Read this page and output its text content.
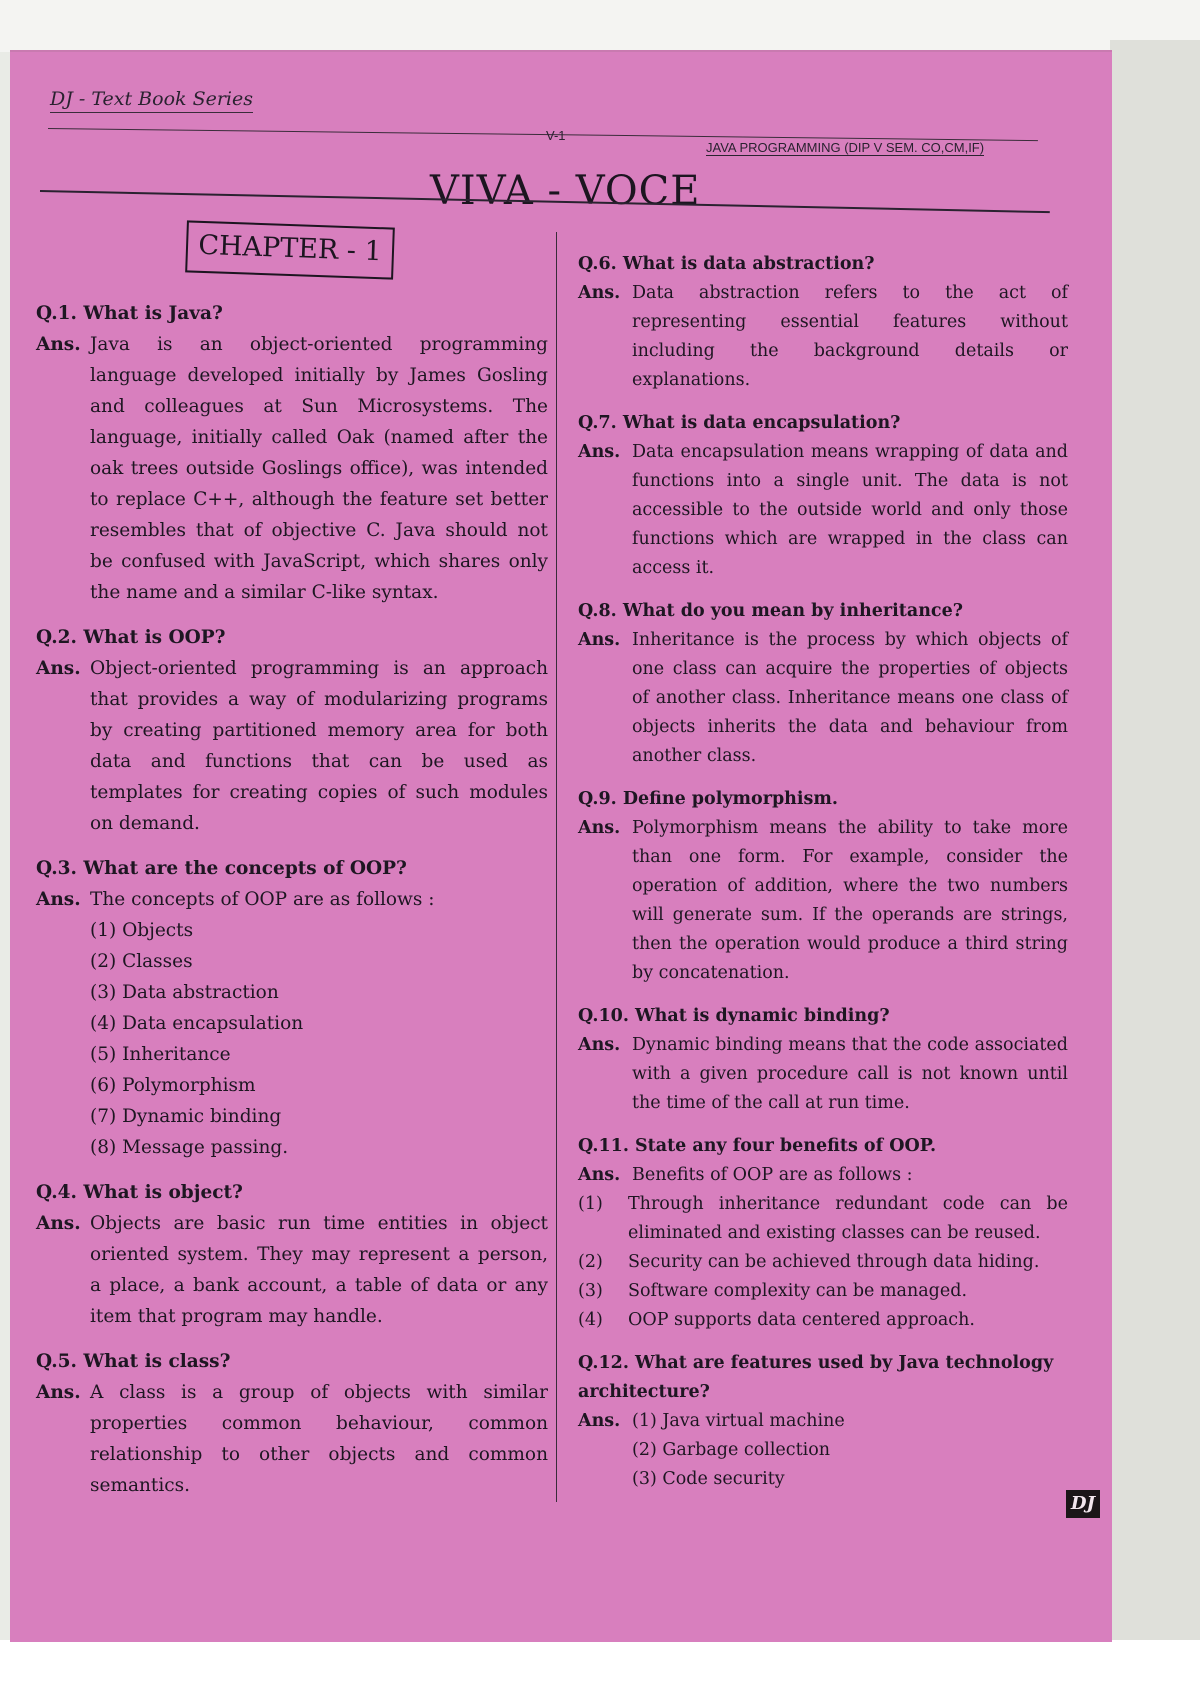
DJ - Text Book Series
V-1
JAVA PROGRAMMING (DIP V SEM. CO,CM,IF)
VIVA - VOCE
CHAPTER - 1

Q.1. What is Java?

Ans. Java is an object-oriented programming language developed initially by James Gosling and colleagues at Sun Microsystems. The language, initially called Oak (named after the oak trees outside Goslings office), was intended to replace C++, although the feature set better resembles that of objective C. Java should not be confused with JavaScript, which shares only the name and a similar C-like syntax.

Q.2. What is OOP?

Ans. Object-oriented programming is an approach that provides a way of modularizing programs by creating partitioned memory area for both data and functions that can be used as templates for creating copies of such modules on demand.

Q.3. What are the concepts of OOP?

Ans. The concepts of OOP are as follows :

(1) Objects

(2) Classes

(3) Data abstraction

(4) Data encapsulation

(5) Inheritance

(6) Polymorphism

(7) Dynamic binding

(8) Message passing.

Q.4. What is object?

Ans. Objects are basic run time entities in object oriented system. They may represent a person, a place, a bank account, a table of data or any item that program may handle.

Q.5. What is class?

Ans. A class is a group of objects with similar properties common behaviour, common relationship to other objects and common semantics.

Q.6. What is data abstraction?

Ans. Data abstraction refers to the act of representing essential features without including the background details or explanations.

Q.7. What is data encapsulation?

Ans. Data encapsulation means wrapping of data and functions into a single unit. The data is not accessible to the outside world and only those functions which are wrapped in the class can access it.

Q.8. What do you mean by inheritance?

Ans. Inheritance is the process by which objects of one class can acquire the properties of objects of another class. Inheritance means one class of objects inherits the data and behaviour from another class.

Q.9. Define polymorphism.

Ans. Polymorphism means the ability to take more than one form. For example, consider the operation of addition, where the two numbers will generate sum. If the operands are strings, then the operation would produce a third string by concatenation.

Q.10. What is dynamic binding?

Ans. Dynamic binding means that the code associated with a given procedure call is not known until the time of the call at run time.

Q.11. State any four benefits of OOP.

Ans. Benefits of OOP are as follows :
(1)	Through inheritance redundant code can be eliminated and existing classes can be reused.
(2)	Security can be achieved through data hiding.
(3)	Software complexity can be managed.
(4)	OOP supports data centered approach.

Q.12. What are features used by Java technology architecture?

Ans. (1) Java virtual machine

(2) Garbage collection

(3) Code security

DJ
